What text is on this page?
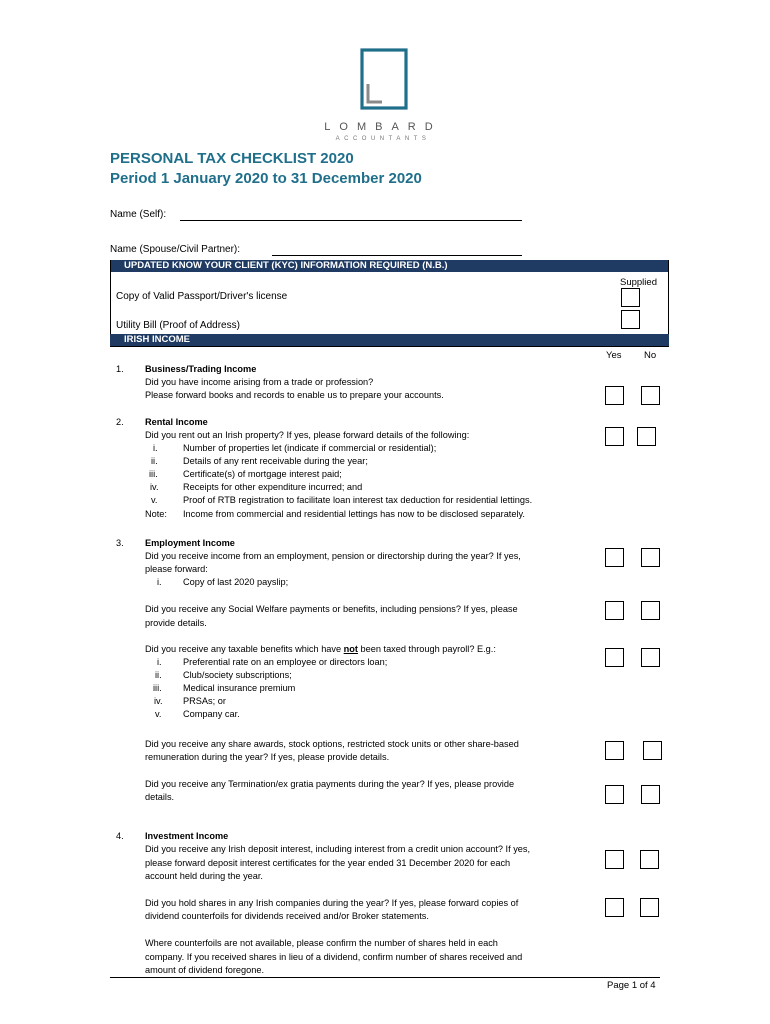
LOMBARD
ACCOUNTANTS
PERSONAL TAX CHECKLIST 2020
Period 1 January 2020 to 31 December 2020
Name (Self):
Name (Spouse/Civil Partner):
UPDATED KNOW YOUR CLIENT (KYC) INFORMATION REQUIRED (N.B.)
Supplied
Copy of Valid Passport/Driver's license
Utility Bill (Proof of Address)
IRISH INCOME
Yes No
1. Business/Trading Income
Did you have income arising from a trade or profession?
Please forward books and records to enable us to prepare your accounts.
2. Rental Income
Did you rent out an Irish property? If yes, please forward details of the following:
i.	Number of properties let (indicate if commercial or residential);
ii.	Details of any rent receivable during the year;
iii.	Certificate(s) of mortgage interest paid;
iv.	Receipts for other expenditure incurred; and
v.	Proof of RTB registration to facilitate loan interest tax deduction for residential lettings.
Note: Income from commercial and residential lettings has now to be disclosed separately.
3. Employment Income
Did you receive income from an employment, pension or directorship during the year? If yes,
please forward:
i. Copy of last 2020 payslip;
Did you receive any Social Welfare payments or benefits, including pensions? If yes, please
provide details.
Did you receive any taxable benefits which have not been taxed through payroll? E.g.:
i. Preferential rate on an employee or directors loan;
ii. Club/society subscriptions;
iii. Medical insurance premium
iv. PRSAs; or
v. Company car.
Did you receive any share awards, stock options, restricted stock units or other share-based
remuneration during the year? If yes, please provide details.
Did you receive any Termination/ex gratia payments during the year? If yes, please provide
details.
4. Investment Income
Did you receive any Irish deposit interest, including interest from a credit union account? If yes,
please forward deposit interest certificates for the year ended 31 December 2020 for each
account held during the year.
Did you hold shares in any Irish companies during the year? If yes, please forward copies of
dividend counterfoils for dividends received and/or Broker statements.
Where counterfoils are not available, please confirm the number of shares held in each
company. If you received shares in lieu of a dividend, confirm number of shares received and
amount of dividend foregone.
Page 1 of 4
